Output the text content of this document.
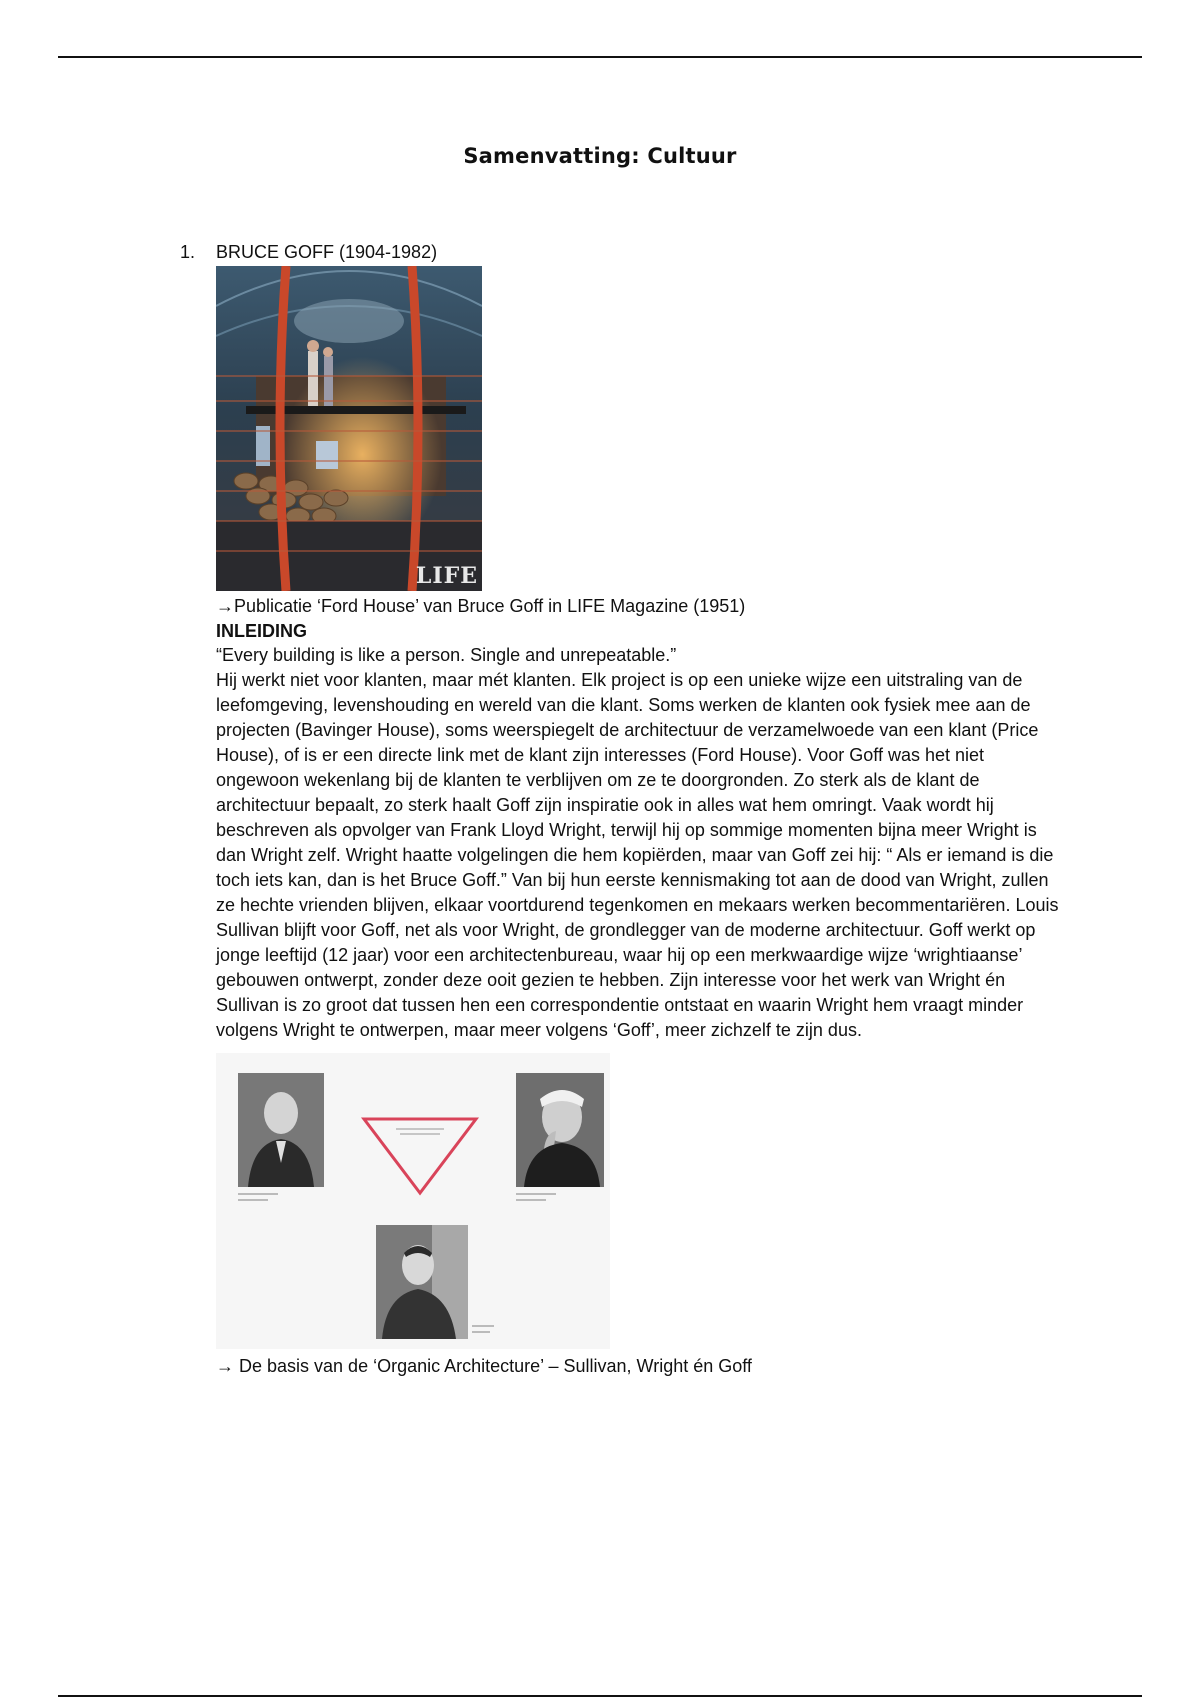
Samenvatting: Cultuur
1. BRUCE GOFF (1904-1982)
LIFE
→Publicatie ‘Ford House’ van Bruce Goff in LIFE Magazine (1951)
INLEIDING
“Every building is like a person. Single and unrepeatable.”

Hij werkt niet voor klanten, maar mét klanten. Elk project is op een unieke wijze een uitstraling van de leefomgeving, levenshouding en wereld van die klant. Soms werken de klanten ook fysiek mee aan de projecten (Bavinger House), soms weerspiegelt de architectuur de verzamelwoede van een klant (Price House), of is er een directe link met de klant zijn interesses (Ford House). Voor Goff was het niet ongewoon wekenlang bij de klanten te verblijven om ze te doorgronden. Zo sterk als de klant de architectuur bepaalt, zo sterk haalt Goff zijn inspiratie ook in alles wat hem omringt. Vaak wordt hij beschreven als opvolger van Frank Lloyd Wright, terwijl hij op sommige momenten bijna meer Wright is dan Wright zelf. Wright haatte volgelingen die hem kopiërden, maar van Goff zei hij: “ Als er iemand is die toch iets kan, dan is het Bruce Goff.” Van bij hun eerste kennismaking tot aan de dood van Wright, zullen ze hechte vrienden blijven, elkaar voortdurend tegenkomen en mekaars werken becommentariëren. Louis Sullivan blijft voor Goff, net als voor Wright, de grondlegger van de moderne architectuur. Goff werkt op jonge leeftijd (12 jaar) voor een architectenbureau, waar hij op een merkwaardige wijze ‘wrightiaanse’ gebouwen ontwerpt, zonder deze ooit gezien te hebben. Zijn interesse voor het werk van Wright én Sullivan is zo groot dat tussen hen een correspondentie ontstaat en waarin Wright hem vraagt minder volgens Wright te ontwerpen, maar meer volgens ‘Goff’, meer zichzelf te zijn dus.

→ De basis van de ‘Organic Architecture’ – Sullivan, Wright én Goff
